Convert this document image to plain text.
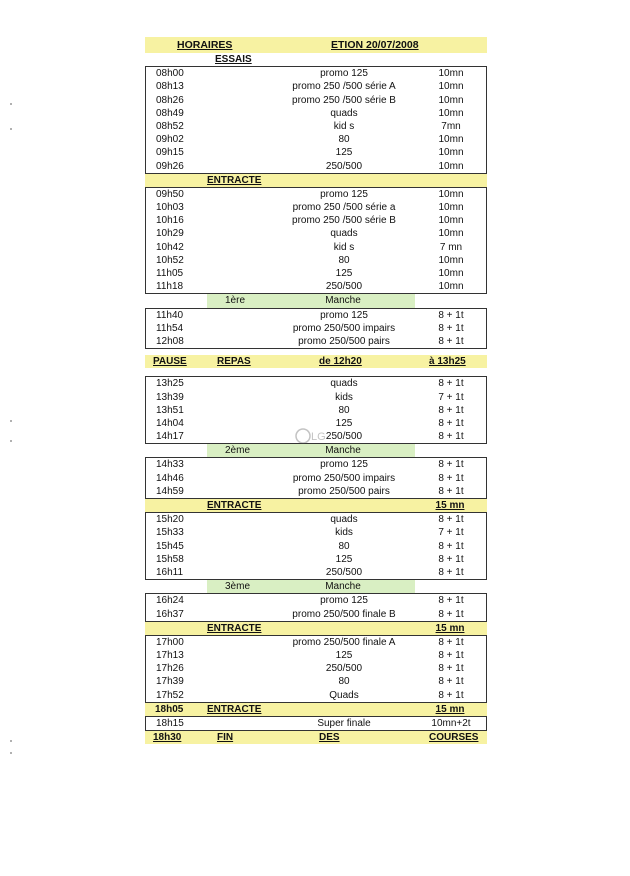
HORAIRES	ETION 20/07/2008
ESSAIS
08h00	promo 125	10mn
08h13	promo 250 /500 série A	10mn
08h26	promo 250 /500 série B	10mn
08h49	quads	10mn
08h52	kid s	7mn
09h02	80	10mn
09h15	125	10mn
09h26	250/500	10mn
ENTRACTE
09h50	promo 125	10mn
10h03	promo 250 /500 série a	10mn
10h16	promo 250 /500 série B	10mn
10h29	quads	10mn
10h42	kid s	7 mn
10h52	80	10mn
11h05	125	10mn
11h18	250/500	10mn
1ère	Manche
11h40	promo 125	8 + 1t
11h54	promo 250/500 impairs	8 + 1t
12h08	promo 250/500 pairs	8 + 1t
PAUSE	REPAS	de 12h20	à 13h25
13h25	quads	8 + 1t
13h39	kids	7 + 1t
13h51	80	8 + 1t
14h04	125	8 + 1t
14h17	250/500	8 + 1t
2ème	Manche
14h33	promo 125	8 + 1t
14h46	promo 250/500 impairs	8 + 1t
14h59	promo 250/500 pairs	8 + 1t
ENTRACTE	15 mn
15h20	quads	8 + 1t
15h33	kids	7 + 1t
15h45	80	8 + 1t
15h58	125	8 + 1t
16h11	250/500	8 + 1t
3ème	Manche
16h24	promo 125	8 + 1t
16h37	promo 250/500 finale B	8 + 1t
ENTRACTE	15 mn
17h00	promo 250/500 finale A	8 + 1t
17h13	125	8 + 1t
17h26	250/500	8 + 1t
17h39	80	8 + 1t
17h52	Quads	8 + 1t
18h05 ENTRACTE	15 mn
18h15	Super finale	10mn+2t
18h30	FIN	DES	COURSES
LG
